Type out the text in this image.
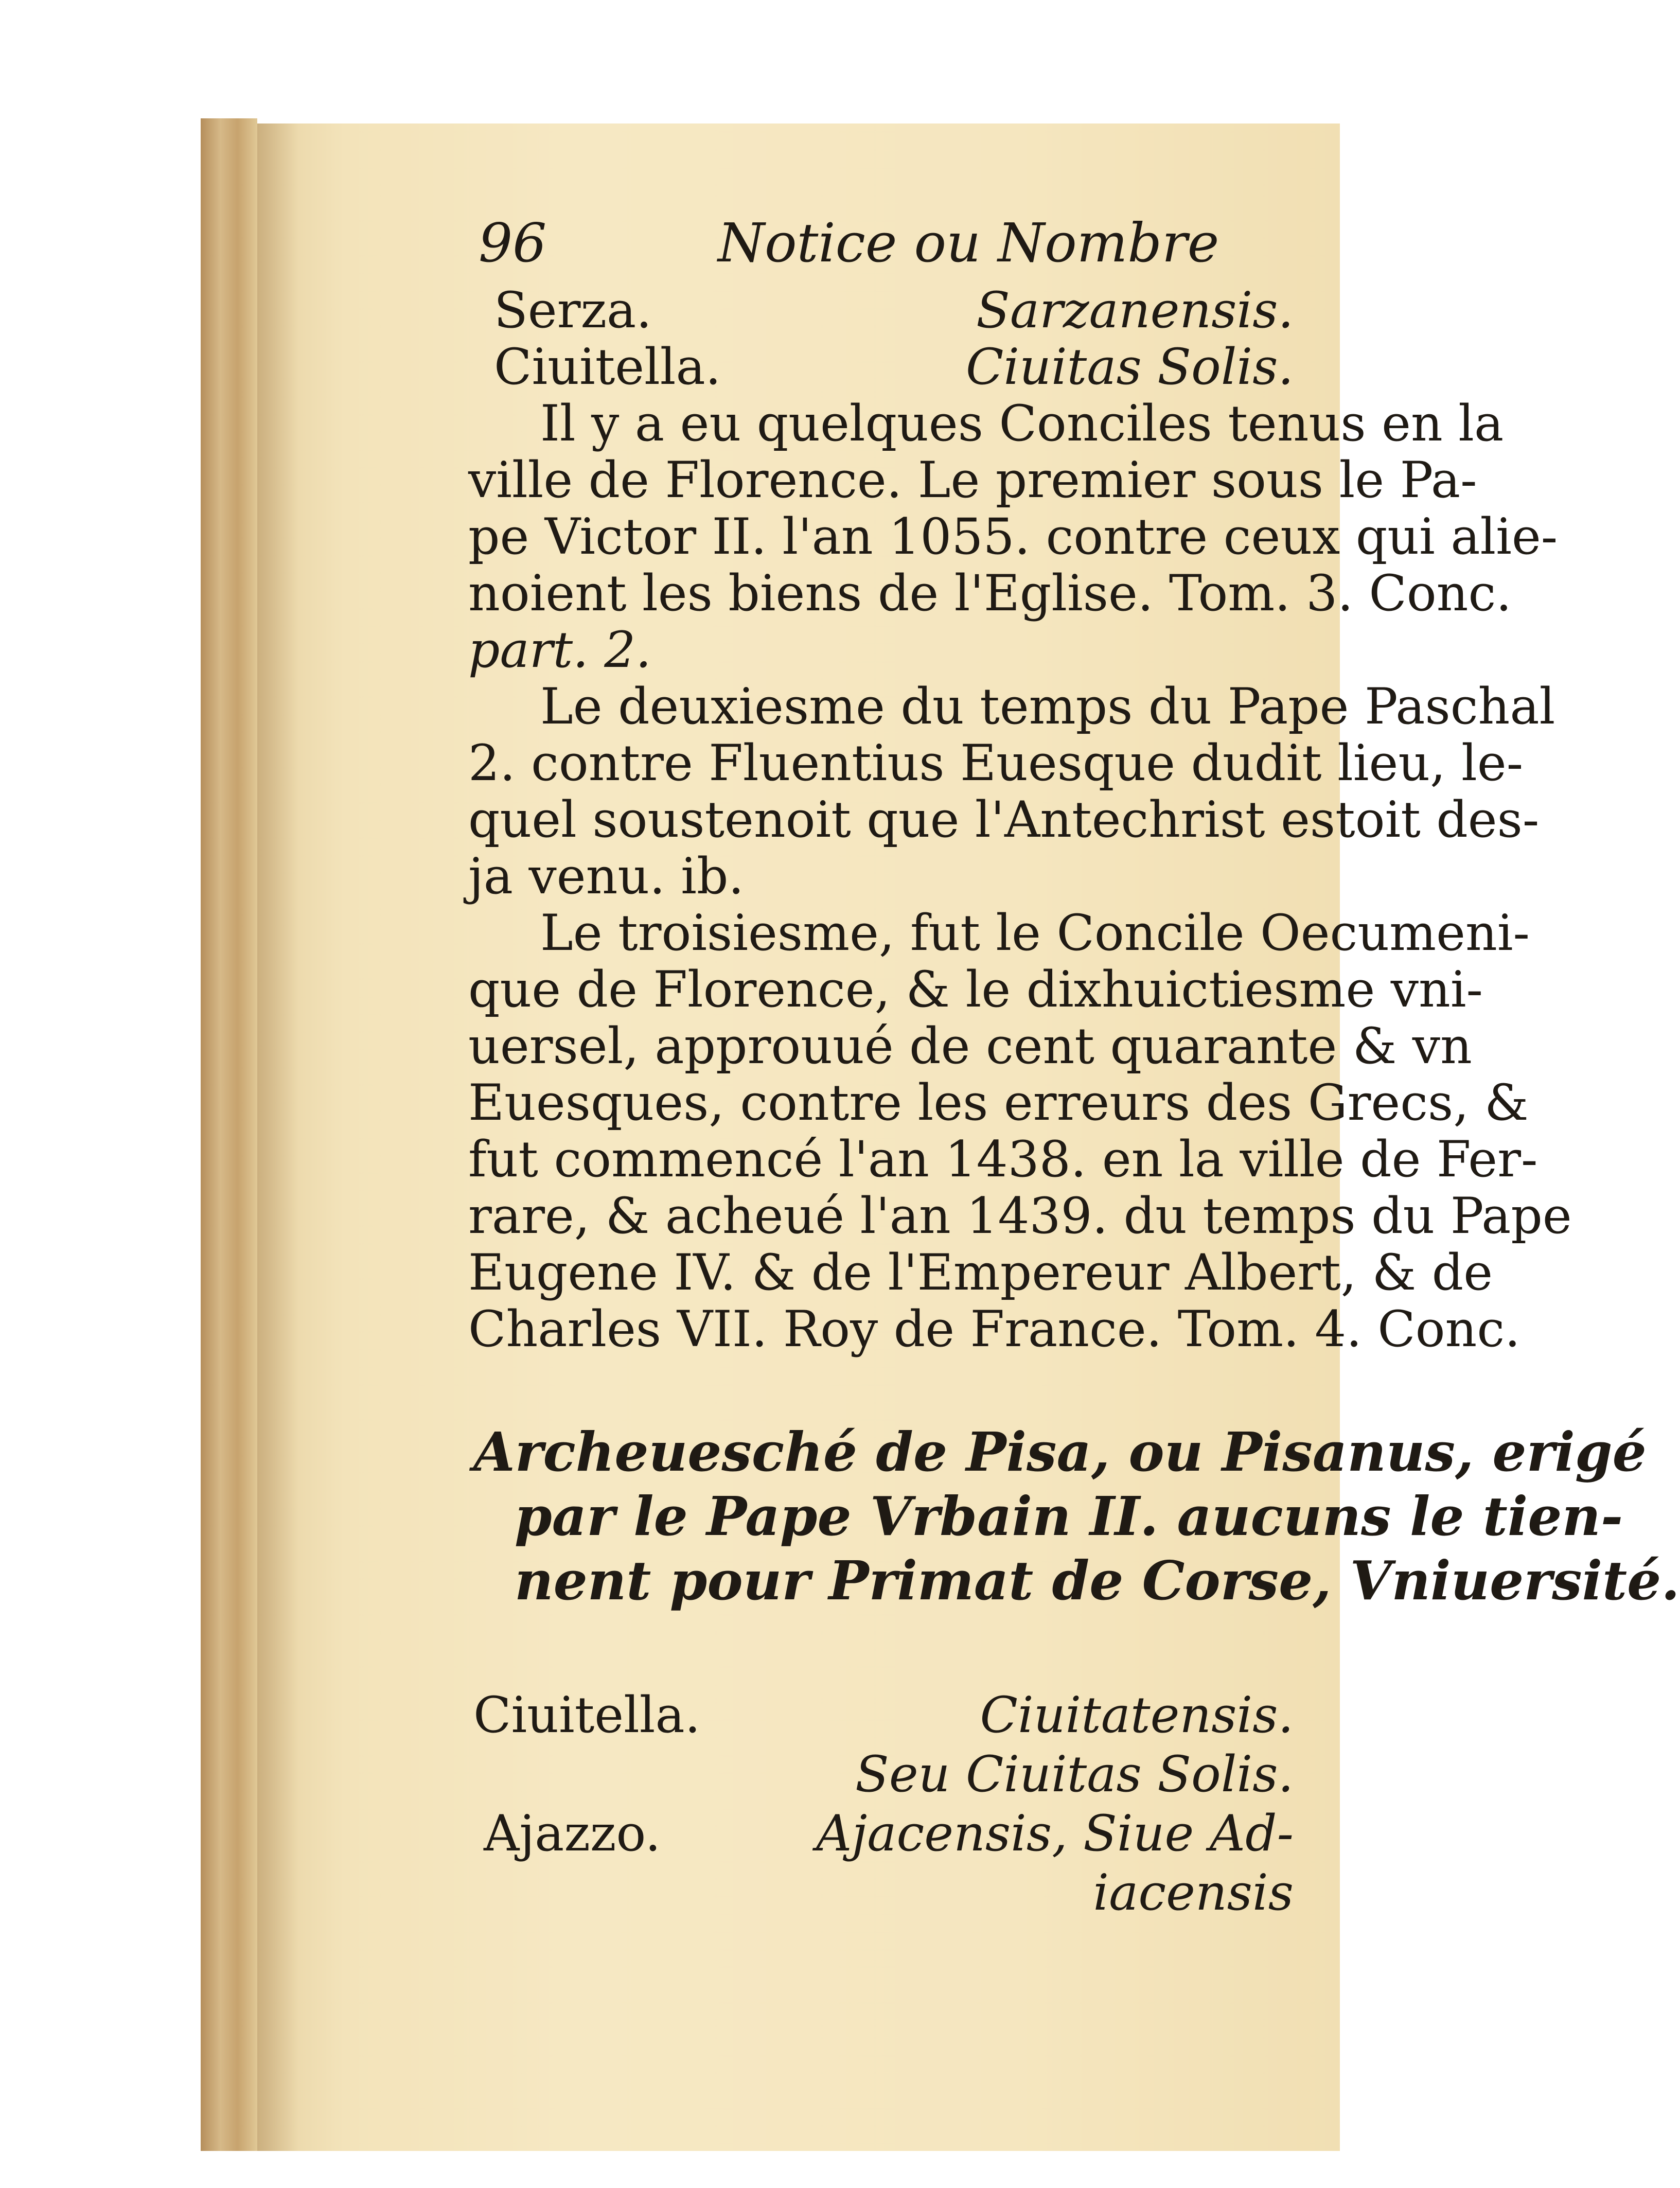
96	Notice ou Nombre
Serza.	Sarzanensis.
Ciuitella.	Ciuitas Solis.
Il y a eu quelques Conciles tenus en la
ville de Florence. Le premier sous le Pa-
pe Victor II. l'an 1055. contre ceux qui alie-
noient les biens de l'Eglise. Tom. 3. Conc.
part. 2.
Le deuxiesme du temps du Pape Paschal
2. contre Fluentius Euesque dudit lieu, le-
quel soustenoit que l'Antechrist estoit des-
ja venu. ib.
Le troisiesme, fut le Concile Oecumeni-
que de Florence, & le dixhuictiesme vni-
uersel, approuué de cent quarante & vn
Euesques, contre les erreurs des Grecs, &
fut commencé l'an 1438. en la ville de Fer-
rare, & acheué l'an 1439. du temps du Pape
Eugene IV. & de l'Empereur Albert, & de
Charles VII. Roy de France. Tom. 4. Conc.
Archeuesché de Pisa, ou Pisanus, erigé
par le Pape Vrbain II. aucuns le tien-
nent pour Primat de Corse, Vniuersité.
Ciuitella.	Ciuitatensis.
Seu Ciuitas Solis.
Ajazzo.	Ajacensis, Siue Ad-
iacensis
